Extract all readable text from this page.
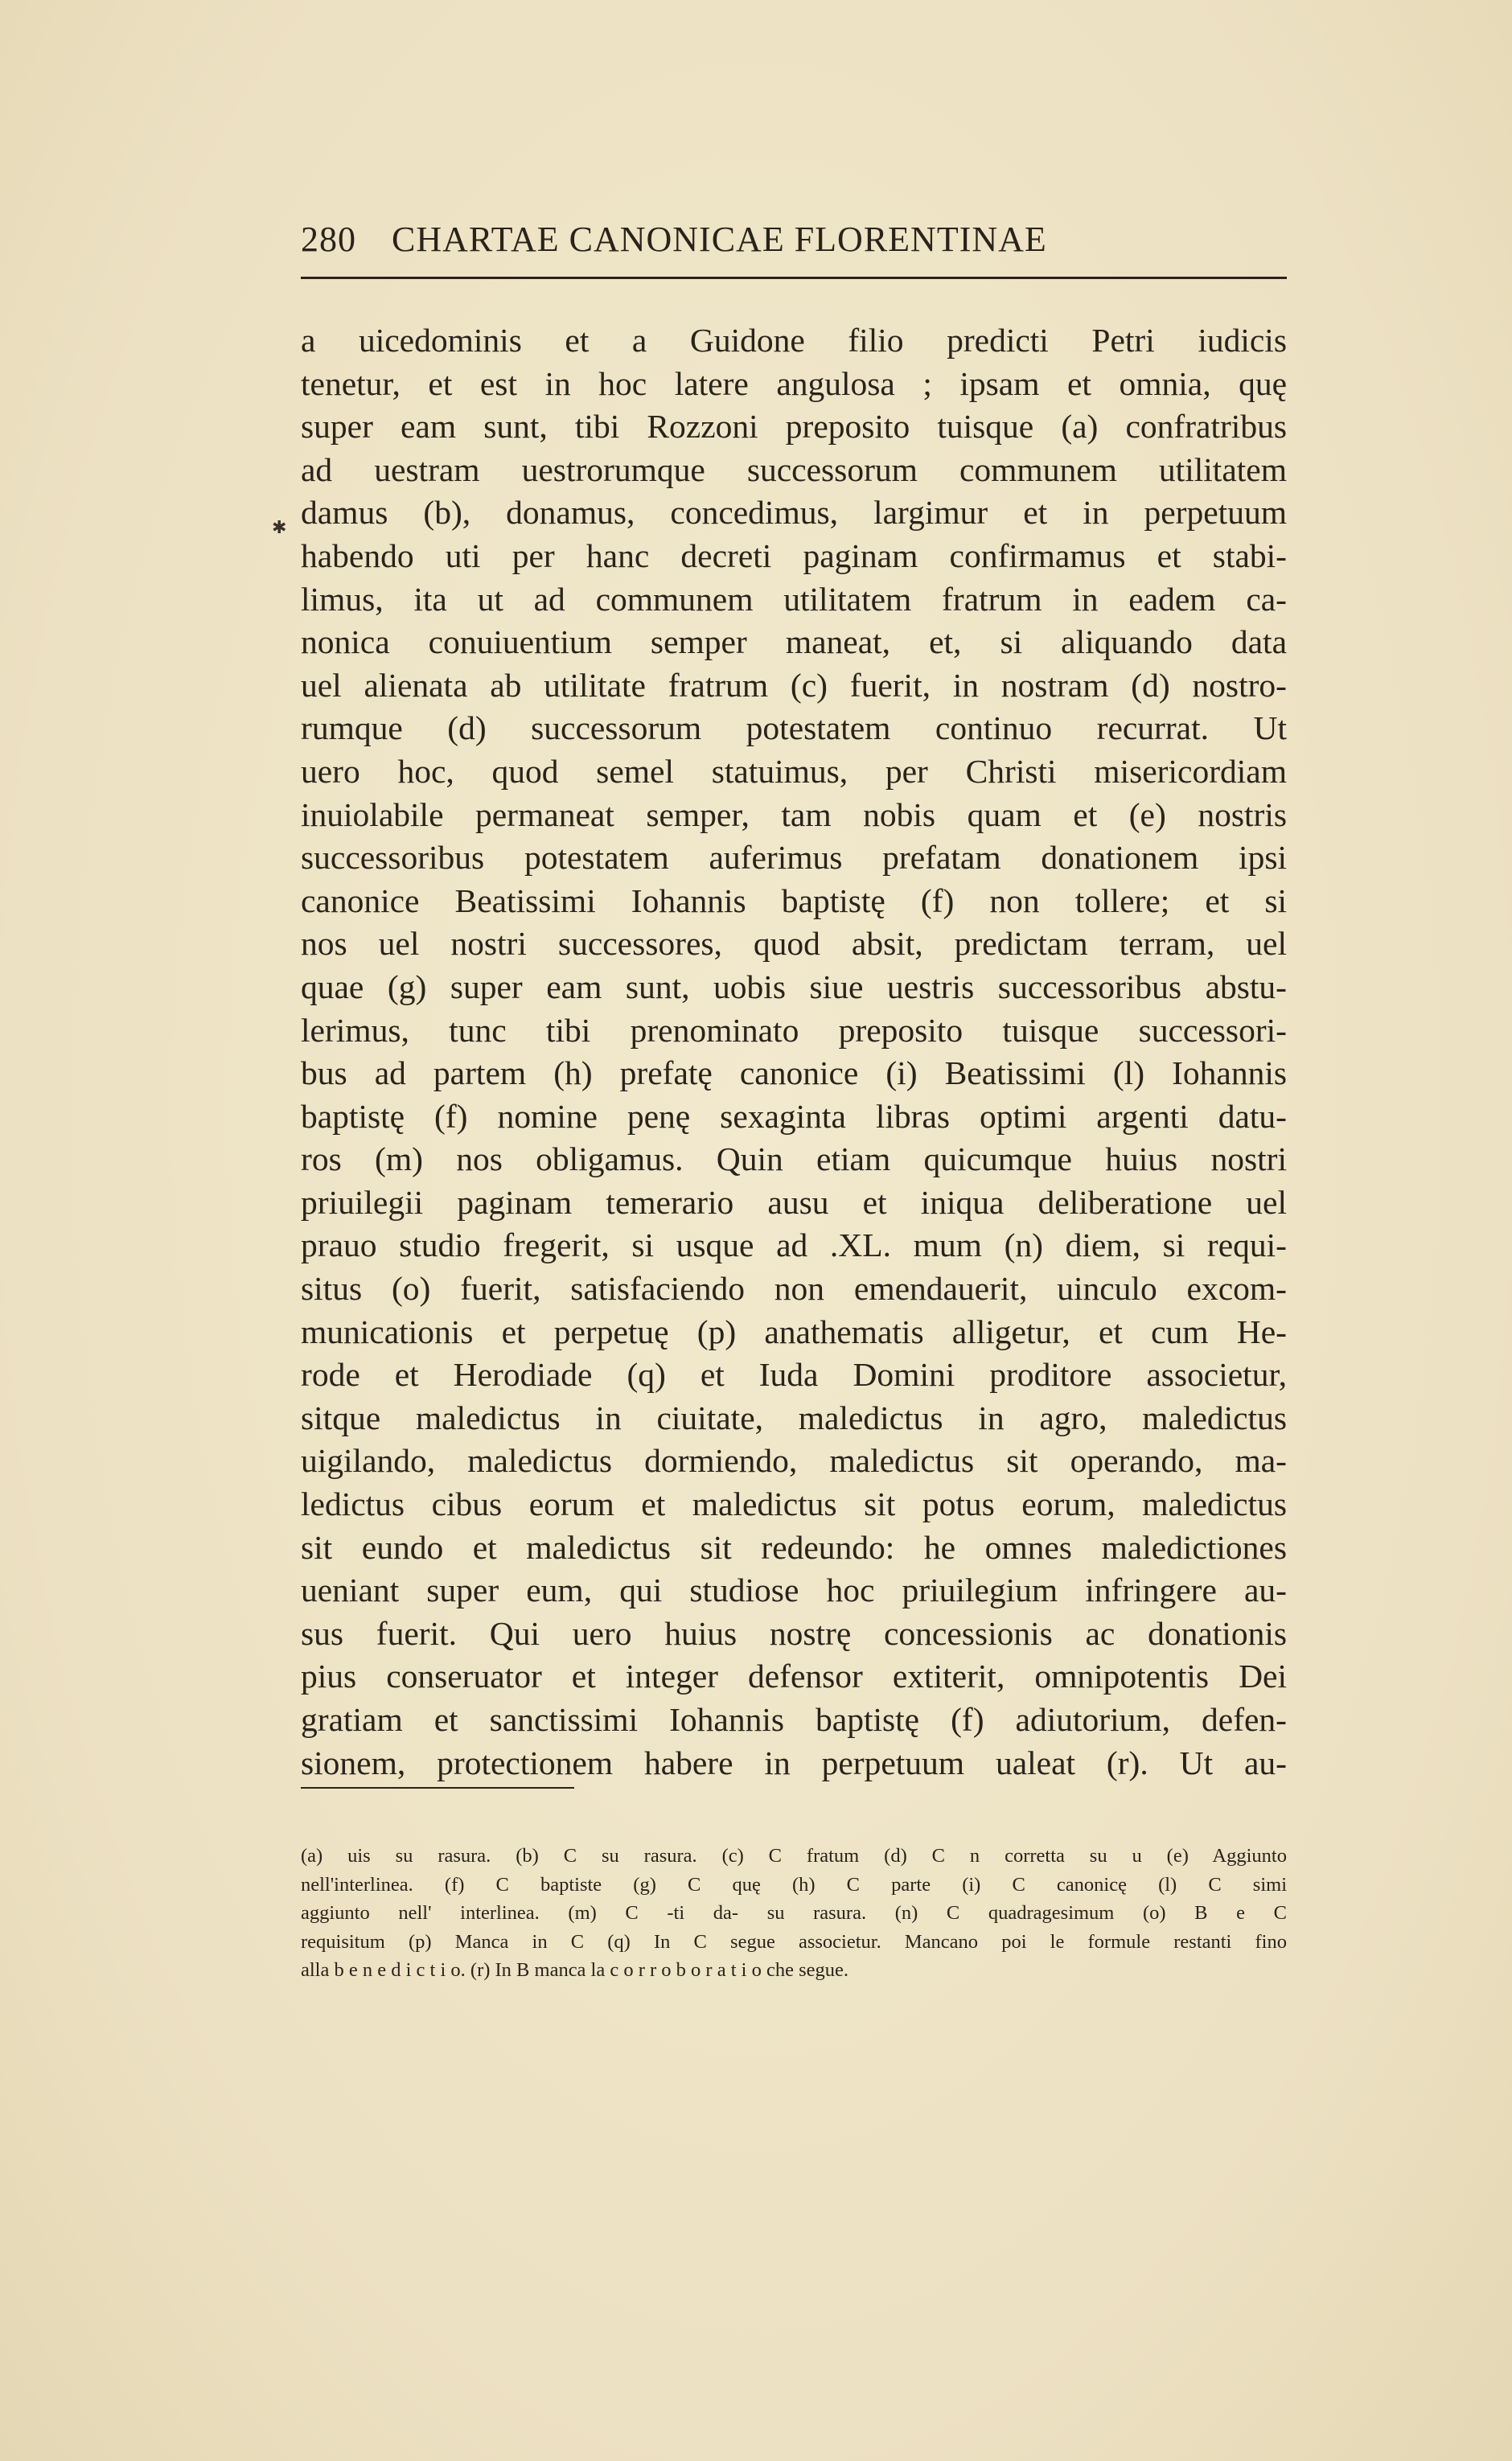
280 CHARTAE CANONICAE FLORENTINAE
✱
a uicedominis et a Guidone filio predicti Petri iudicis
tenetur, et est in hoc latere angulosa ; ipsam et omnia, quę
super eam sunt, tibi Rozzoni preposito tuisque (a) confratribus
ad uestram uestrorumque successorum communem utilitatem
damus (b), donamus, concedimus, largimur et in perpetuum
habendo uti per hanc decreti paginam confirmamus et stabi-
limus, ita ut ad communem utilitatem fratrum in eadem ca-
nonica conuiuentium semper maneat, et, si aliquando data
uel alienata ab utilitate fratrum (c) fuerit, in nostram (d) nostro-
rumque (d) successorum potestatem continuo recurrat. Ut
uero hoc, quod semel statuimus, per Christi misericordiam
inuiolabile permaneat semper, tam nobis quam et (e) nostris
successoribus potestatem auferimus prefatam donationem ipsi
canonice Beatissimi Iohannis baptistę (f) non tollere; et si
nos uel nostri successores, quod absit, predictam terram, uel
quae (g) super eam sunt, uobis siue uestris successoribus abstu-
lerimus, tunc tibi prenominato preposito tuisque successori-
bus ad partem (h) prefatę canonice (i) Beatissimi (l) Iohannis
baptistę (f) nomine penę sexaginta libras optimi argenti datu-
ros (m) nos obligamus. Quin etiam quicumque huius nostri
priuilegii paginam temerario ausu et iniqua deliberatione uel
prauo studio fregerit, si usque ad .XL. mum (n) diem, si requi-
situs (o) fuerit, satisfaciendo non emendauerit, uinculo excom-
municationis et perpetuę (p) anathematis alligetur, et cum He-
rode et Herodiade (q) et Iuda Domini proditore associetur,
sitque maledictus in ciuitate, maledictus in agro, maledictus
uigilando, maledictus dormiendo, maledictus sit operando, ma-
ledictus cibus eorum et maledictus sit potus eorum, maledictus
sit eundo et maledictus sit redeundo: he omnes maledictiones
ueniant super eum, qui studiose hoc priuilegium infringere au-
sus fuerit. Qui uero huius nostrę concessionis ac donationis
pius conseruator et integer defensor extiterit, omnipotentis Dei
gratiam et sanctissimi Iohannis baptistę (f) adiutorium, defen-
sionem, protectionem habere in perpetuum ualeat (r). Ut au-
(a) uis su rasura. (b) C su rasura. (c) C fratum (d) C n corretta su u (e) Aggiunto
nell'interlinea. (f) C baptiste (g) C quę (h) C parte (i) C canonicę (l) C simi
aggiunto nell' interlinea. (m) C -ti da- su rasura. (n) C quadragesimum (o) B e C
requisitum (p) Manca in C (q) In C segue associetur. Mancano poi le formule restanti fino
alla b e n e d i c t i o. (r) In B manca la c o r r o b o r a t i o che segue.
